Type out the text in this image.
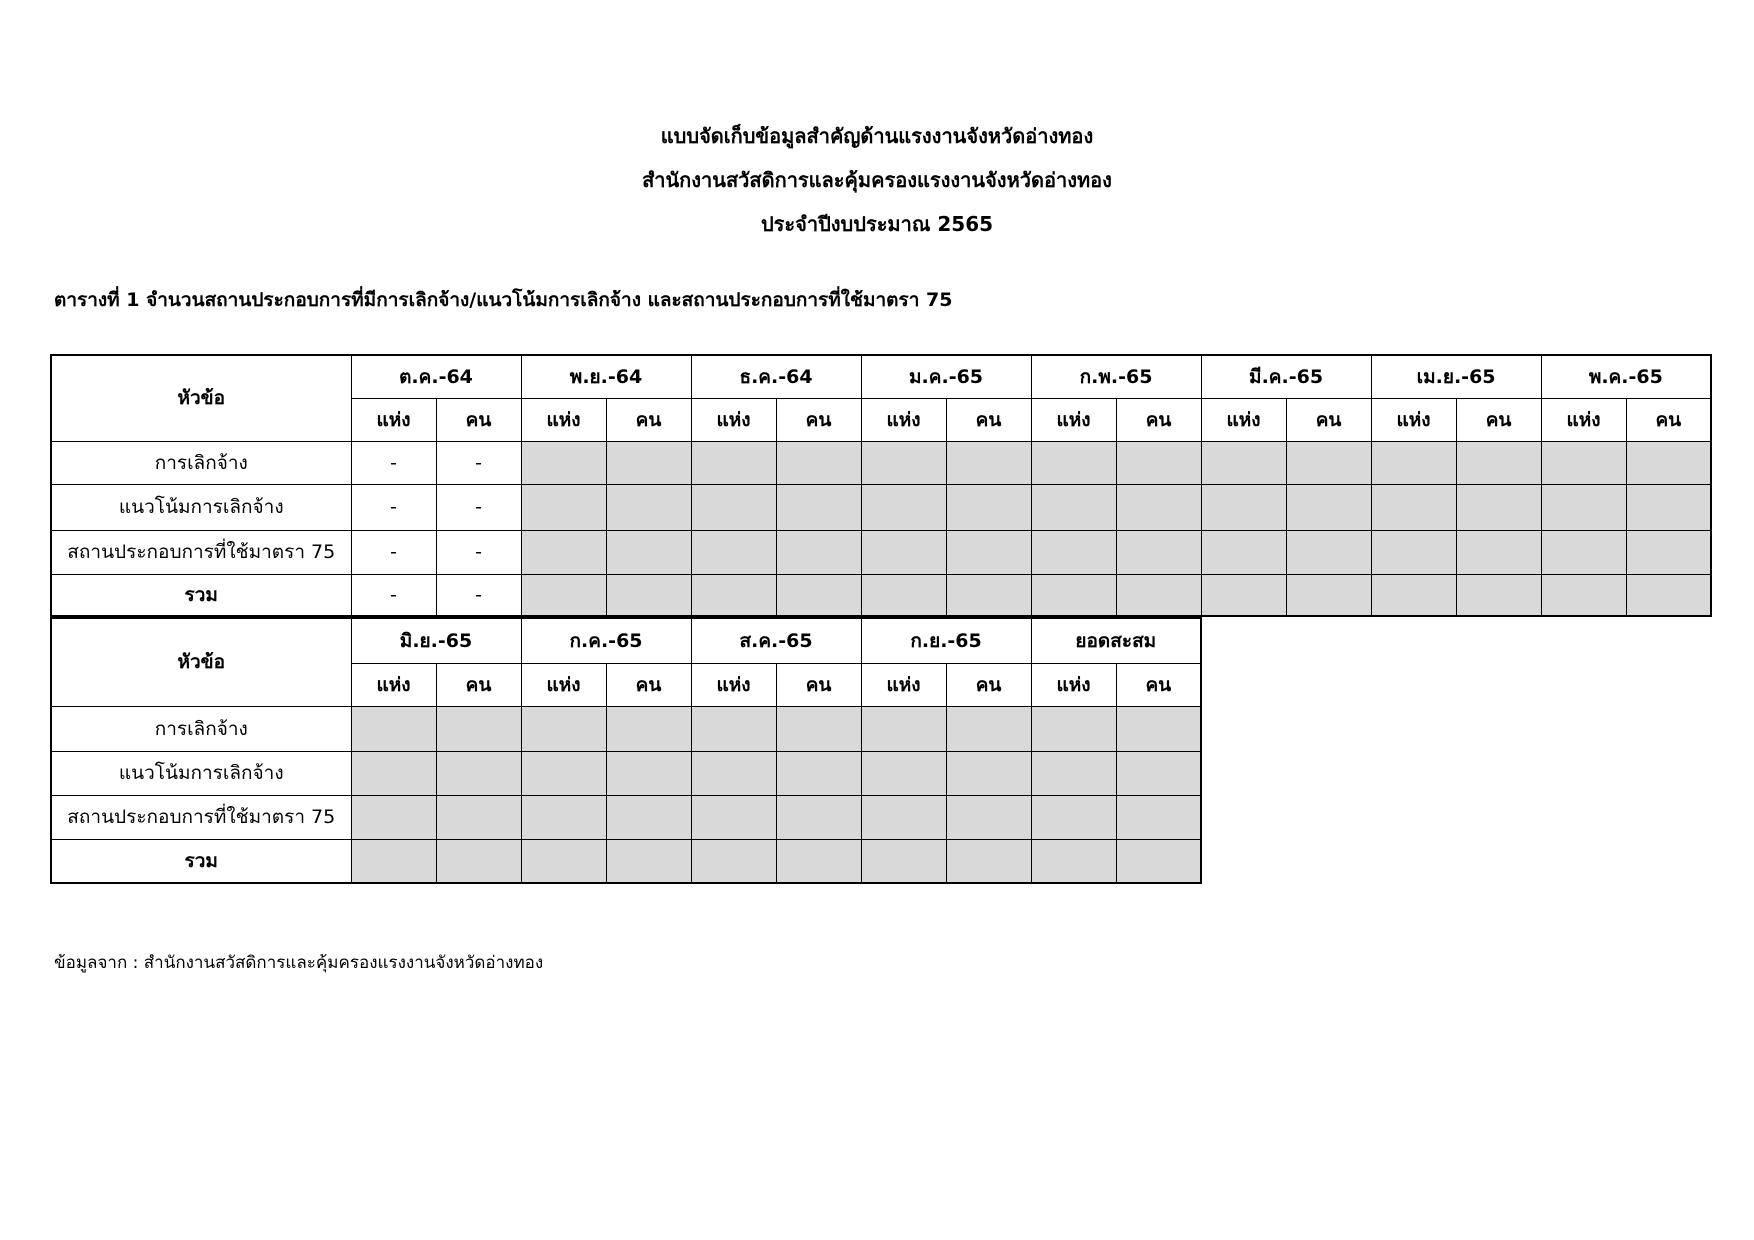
แบบจัดเก็บข้อมูลสำคัญด้านแรงงานจังหวัดอ่างทอง
สำนักงานสวัสดิการและคุ้มครองแรงงานจังหวัดอ่างทอง
ประจำปีงบประมาณ 2565
ตารางที่ 1 จำนวนสถานประกอบการที่มีการเลิกจ้าง/แนวโน้มการเลิกจ้าง และสถานประกอบการที่ใช้มาตรา 75
หัวข้อ	ต.ค.-64		พ.ย.-64		ธ.ค.-64		ม.ค.-65		ก.พ.-65		มี.ค.-65		เม.ย.-65		พ.ค.-65	
	แห่ง	คน	แห่ง	คน	แห่ง	คน	แห่ง	คน	แห่ง	คน	แห่ง	คน	แห่ง	คน	แห่ง	คน
การเลิกจ้าง	-	-														
แนวโน้มการเลิกจ้าง	-	-														
สถานประกอบการที่ใช้มาตรา 75	-	-														
รวม	-	-														
หัวข้อ	มิ.ย.-65		ก.ค.-65		ส.ค.-65		ก.ย.-65		ยอดสะสม	
	แห่ง	คน	แห่ง	คน	แห่ง	คน	แห่ง	คน	แห่ง	คน
การเลิกจ้าง										
แนวโน้มการเลิกจ้าง										
สถานประกอบการที่ใช้มาตรา 75										
รวม										
ข้อมูลจาก : สำนักงานสวัสดิการและคุ้มครองแรงงานจังหวัดอ่างทอง
